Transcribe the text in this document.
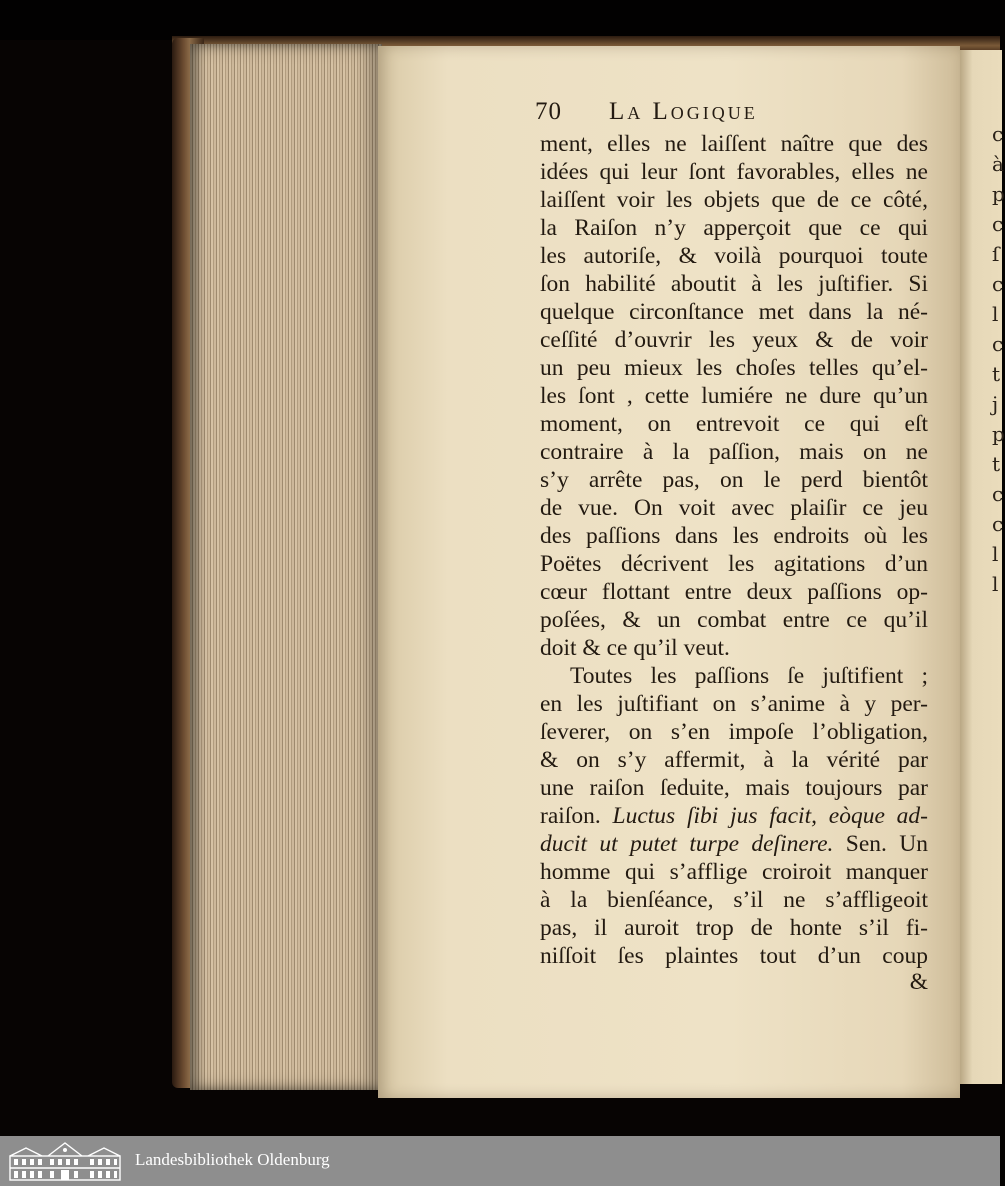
c
à
p
c
ſ
c
l
c
t
j
p
t
c
c
l
l
70 La Logique
ment, elles ne laiſſent naître que des
idées qui leur ſont favorables, elles ne
laiſſent voir les objets que de ce côté,
la Raiſon n’y apperçoit que ce qui
les autoriſe, & voilà pourquoi toute
ſon habilité aboutit à les juſtifier. Si
quelque circonſtance met dans la né-
ceſſité d’ouvrir les yeux & de voir
un peu mieux les choſes telles qu’el-
les ſont , cette lumiére ne dure qu’un
moment, on entrevoit ce qui eſt
contraire à la paſſion, mais on ne
s’y arrête pas, on le perd bientôt
de vue. On voit avec plaiſir ce jeu
des paſſions dans les endroits où les
Poëtes décrivent les agitations d’un
cœur flottant entre deux paſſions op-
poſées, & un combat entre ce qu’il
doit & ce qu’il veut.
Toutes les paſſions ſe juſtifient ;
en les juſtifiant on s’anime à y per-
ſeverer, on s’en impoſe l’obligation,
& on s’y affermit, à la vérité par
une raiſon ſeduite, mais toujours par
raiſon. Luctus ſibi jus facit, eòque ad-
ducit ut putet turpe deſinere. Sen. Un
homme qui s’afflige croiroit manquer
à la bienſéance, s’il ne s’affligeoit
pas, il auroit trop de honte s’il fi-
niſſoit ſes plaintes tout d’un coup
&
Landesbibliothek Oldenburg
